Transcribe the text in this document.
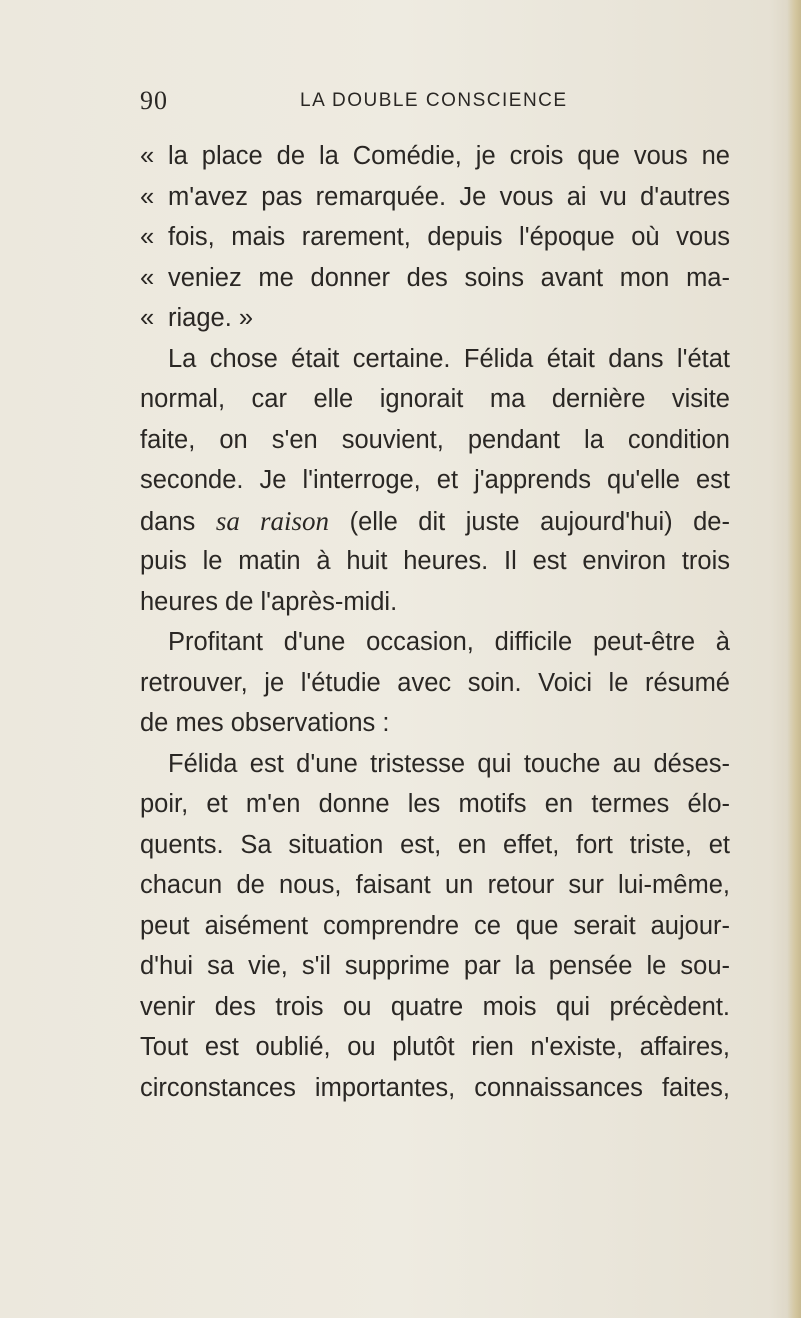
90	LA DOUBLE CONSCIENCE
« la place de la Comédie, je crois que vous ne
« m'avez pas remarquée. Je vous ai vu d'autres
« fois, mais rarement, depuis l'époque où vous
« veniez me donner des soins avant mon ma-
« riage. »
La chose était certaine. Félida était dans l'état
normal, car elle ignorait ma dernière visite
faite, on s'en souvient, pendant la condition
seconde. Je l'interroge, et j'apprends qu'elle est
dans sa raison (elle dit juste aujourd'hui) de-
puis le matin à huit heures. Il est environ trois
heures de l'après-midi.
Profitant d'une occasion, difficile peut-être à
retrouver, je l'étudie avec soin. Voici le résumé
de mes observations :
Félida est d'une tristesse qui touche au déses-
poir, et m'en donne les motifs en termes élo-
quents. Sa situation est, en effet, fort triste, et
chacun de nous, faisant un retour sur lui-même,
peut aisément comprendre ce que serait aujour-
d'hui sa vie, s'il supprime par la pensée le sou-
venir des trois ou quatre mois qui précèdent.
Tout est oublié, ou plutôt rien n'existe, affaires,
circonstances importantes, connaissances faites,
